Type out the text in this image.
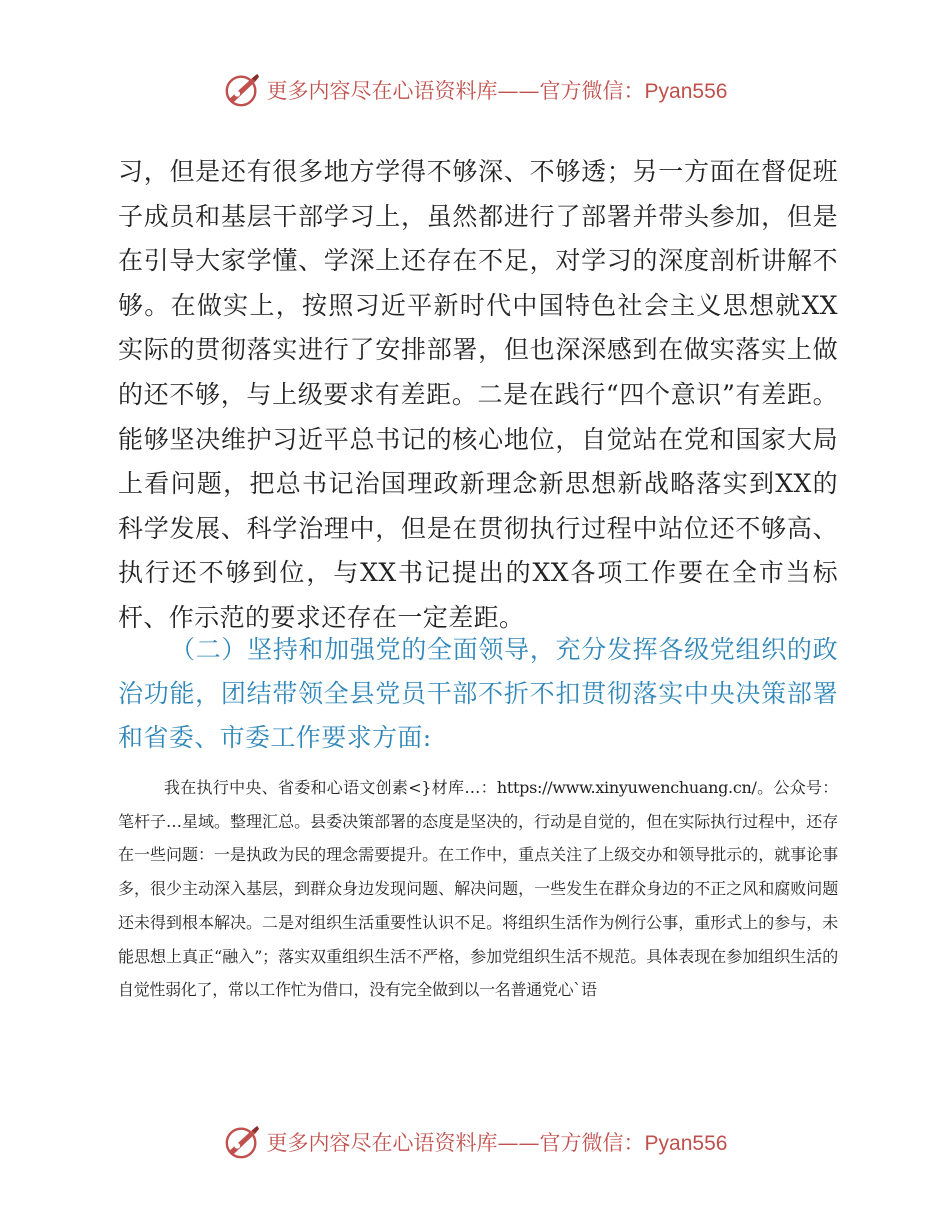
更多内容尽在心语资料库——官方微信：Pyan556
习，但是还有很多地方学得不够深、不够透；另一方面在督促班子成员和基层干部学习上，虽然都进行了部署并带头参加，但是在引导大家学懂、学深上还存在不足，对学习的深度剖析讲解不够。在做实上，按照习近平新时代中国特色社会主义思想就XX实际的贯彻落实进行了安排部署，但也深深感到在做实落实上做的还不够，与上级要求有差距。二是在践行“四个意识”有差距。能够坚决维护习近平总书记的核心地位，自觉站在党和国家大局上看问题，把总书记治国理政新理念新思想新战略落实到XX的科学发展、科学治理中，但是在贯彻执行过程中站位还不够高、执行还不够到位，与XX书记提出的XX各项工作要在全市当标杆、作示范的要求还存在一定差距。
（二）坚持和加强党的全面领导，充分发挥各级党组织的政治功能，团结带领全县党员干部不折不扣贯彻落实中央决策部署和省委、市委工作要求方面:
我在执行中央、省委和心语文创素<}材库…：https://www.xinyuwenchuang.cn/。公众号：笔杆子…星域。整理汇总。县委决策部署的态度是坚决的，行动是自觉的，但在实际执行过程中，还存在一些问题：一是执政为民的理念需要提升。在工作中，重点关注了上级交办和领导批示的，就事论事多，很少主动深入基层，到群众身边发现问题、解决问题，一些发生在群众身边的不正之风和腐败问题还未得到根本解决。二是对组织生活重要性认识不足。将组织生活作为例行公事，重形式上的参与，未能思想上真正“融入”；落实双重组织生活不严格，参加党组织生活不规范。具体表现在参加组织生活的自觉性弱化了，常以工作忙为借口，没有完全做到以一名普通党心`语
更多内容尽在心语资料库——官方微信：Pyan556
